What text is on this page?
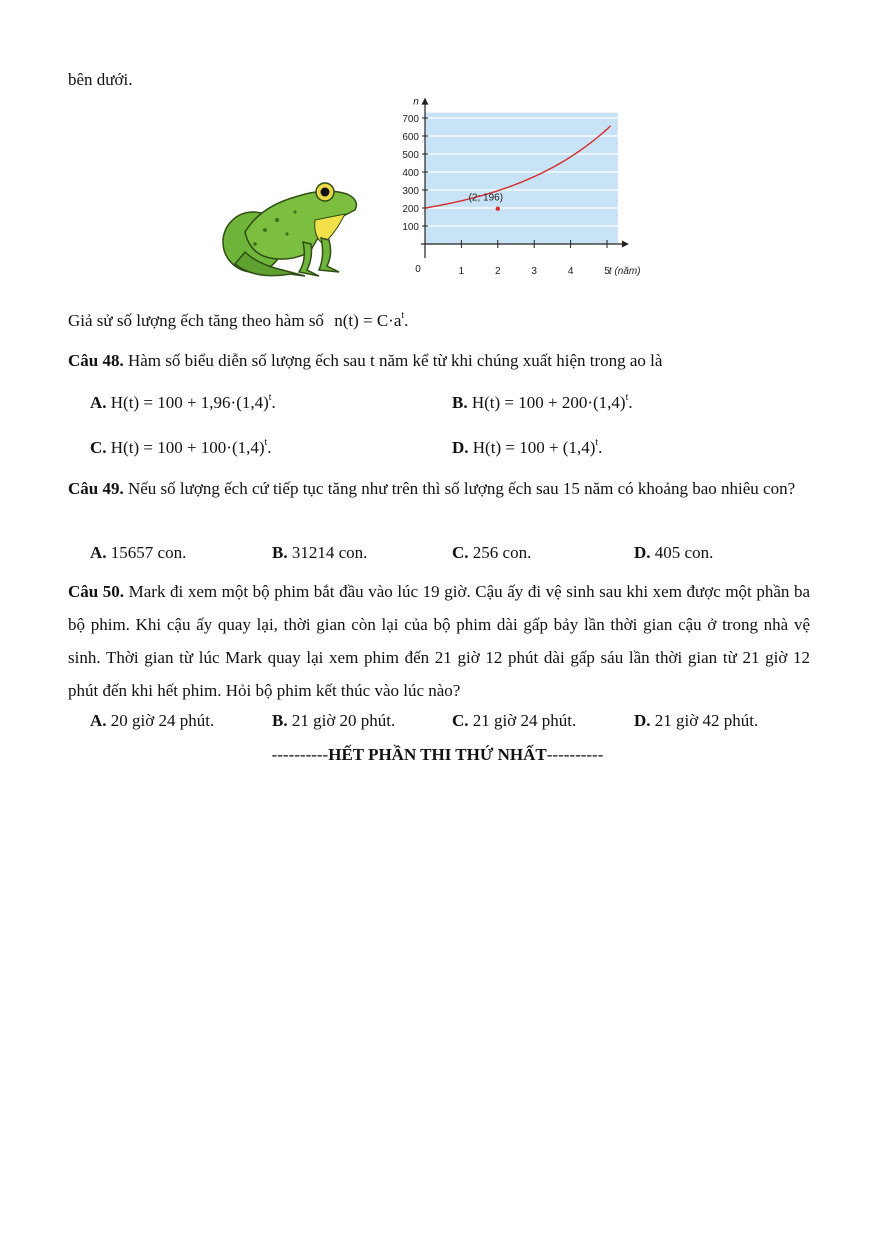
bên dưới.
100
200
300
400
500
600
700
1	2	3	4	5
n
t (năm)
0
(2; 196)
Giả sử số lượng ếch tăng theo hàm số $n(t) = C\cdot a^t$.
Câu 48. Hàm số biểu diễn số lượng ếch sau t năm kể từ khi chúng xuất hiện trong ao là
A. $H(t) = 100 + 1,96\cdot(1,4)^t$.	B. $H(t) = 100 + 200\cdot(1,4)^t$.
C. $H(t) = 100 + 100\cdot(1,4)^t$.	D. $H(t) = 100 + (1,4)^t$.
Câu 49. Nếu số lượng ếch cứ tiếp tục tăng như trên thì số lượng ếch sau 15 năm có khoảng bao nhiêu con?
A. 15657 con.	B. 31214 con.	C. 256 con.	D. 405 con.
Câu 50. Mark đi xem một bộ phim bắt đầu vào lúc 19 giờ. Cậu ấy đi vệ sinh sau khi xem được một phần ba bộ phim. Khi cậu ấy quay lại, thời gian còn lại của bộ phim dài gấp bảy lần thời gian cậu ở trong nhà vệ sinh. Thời gian từ lúc Mark quay lại xem phim đến 21 giờ 12 phút dài gấp sáu lần thời gian từ 21 giờ 12 phút đến khi hết phim. Hỏi bộ phim kết thúc vào lúc nào?
A. 20 giờ 24 phút.	B. 21 giờ 20 phút.	C. 21 giờ 24 phút.	D. 21 giờ 42 phút.
----------HẾT PHẦN THI THỨ NHẤT----------
